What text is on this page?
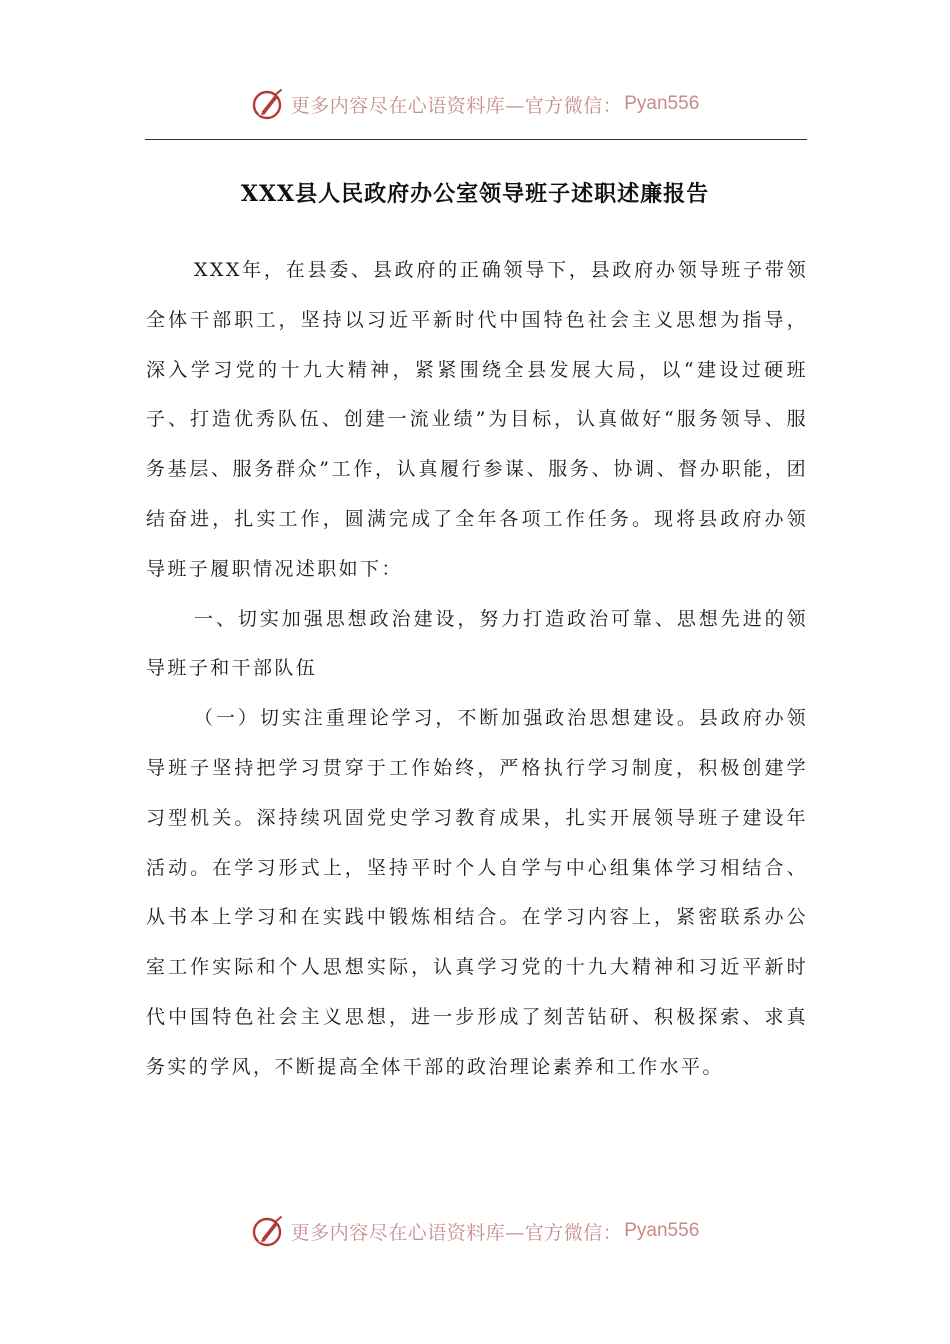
更多内容尽在心语资料库—官方微信： Pyan556
XXX县人民政府办公室领导班子述职述廉报告

XXX年，在县委、县政府的正确领导下，县政府办领导班子带领全体干部职工，坚持以习近平新时代中国特色社会主义思想为指导，深入学习党的十九大精神，紧紧围绕全县发展大局，以“建设过硬班子、打造优秀队伍、创建一流业绩”为目标，认真做好“服务领导、服务基层、服务群众”工作，认真履行参谋、服务、协调、督办职能，团结奋进，扎实工作，圆满完成了全年各项工作任务。现将县政府办领导班子履职情况述职如下：

一、切实加强思想政治建设，努力打造政治可靠、思想先进的领导班子和干部队伍

（一）切实注重理论学习，不断加强政治思想建设。县政府办领导班子坚持把学习贯穿于工作始终，严格执行学习制度，积极创建学习型机关。深持续巩固党史学习教育成果，扎实开展领导班子建设年活动。在学习形式上，坚持平时个人自学与中心组集体学习相结合、从书本上学习和在实践中锻炼相结合。在学习内容上，紧密联系办公室工作实际和个人思想实际，认真学习党的十九大精神和习近平新时代中国特色社会主义思想，进一步形成了刻苦钻研、积极探索、求真务实的学风，不断提高全体干部的政治理论素养和工作水平。

更多内容尽在心语资料库—官方微信： Pyan556
